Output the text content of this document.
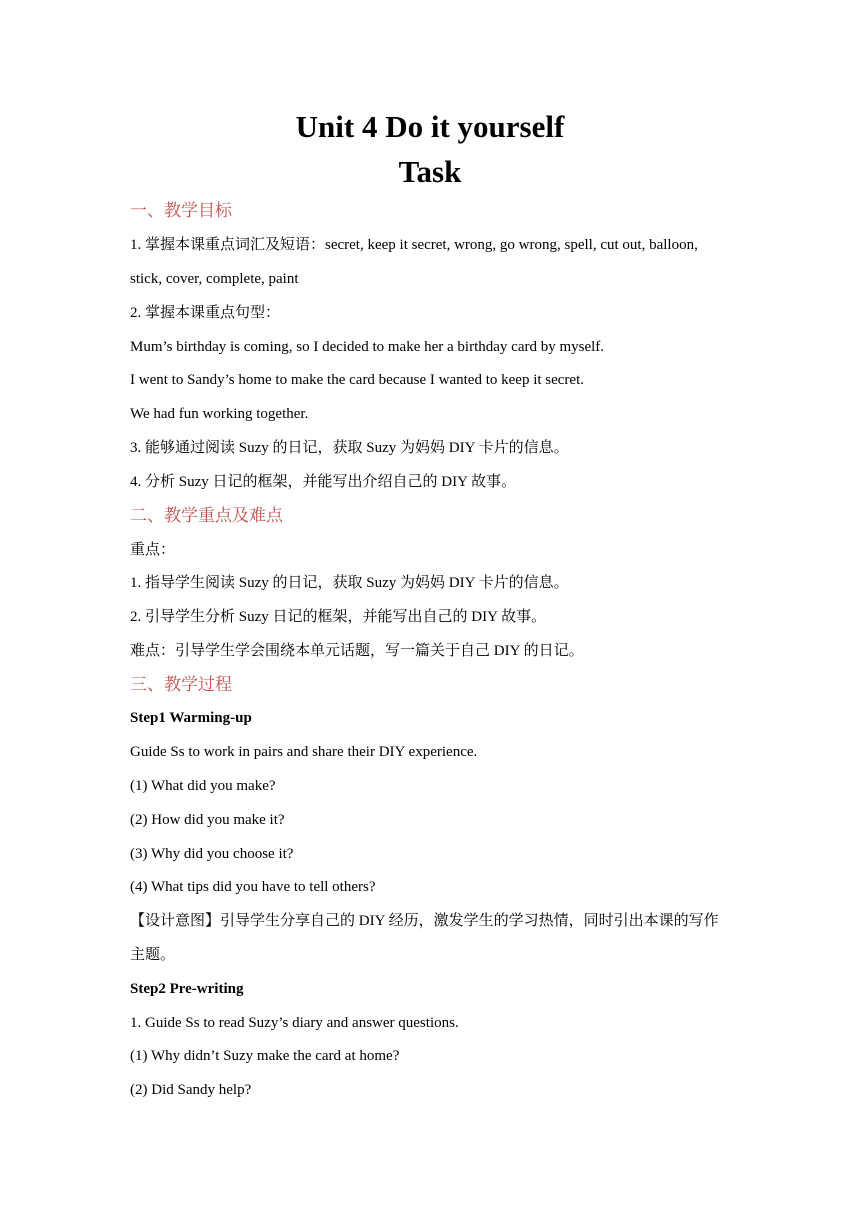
Unit 4 Do it yourself
Task
一、教学目标
1. 掌握本课重点词汇及短语：secret, keep it secret, wrong, go wrong, spell, cut out, balloon,
stick, cover, complete, paint
2. 掌握本课重点句型：
Mum’s birthday is coming, so I decided to make her a birthday card by myself.
I went to Sandy’s home to make the card because I wanted to keep it secret.
We had fun working together.
3. 能够通过阅读 Suzy 的日记，获取 Suzy 为妈妈 DIY 卡片的信息。
4. 分析 Suzy 日记的框架，并能写出介绍自己的 DIY 故事。
二、教学重点及难点
重点：
1. 指导学生阅读 Suzy 的日记，获取 Suzy 为妈妈 DIY 卡片的信息。
2. 引导学生分析 Suzy 日记的框架，并能写出自己的 DIY 故事。
难点：引导学生学会围绕本单元话题，写一篇关于自己 DIY 的日记。
三、教学过程
Step1 Warming-up
Guide Ss to work in pairs and share their DIY experience.
(1) What did you make?
(2) How did you make it?
(3) Why did you choose it?
(4) What tips did you have to tell others?
【设计意图】引导学生分享自己的 DIY 经历，激发学生的学习热情，同时引出本课的写作
主题。
Step2 Pre-writing
1. Guide Ss to read Suzy’s diary and answer questions.
(1) Why didn’t Suzy make the card at home?
(2) Did Sandy help?
